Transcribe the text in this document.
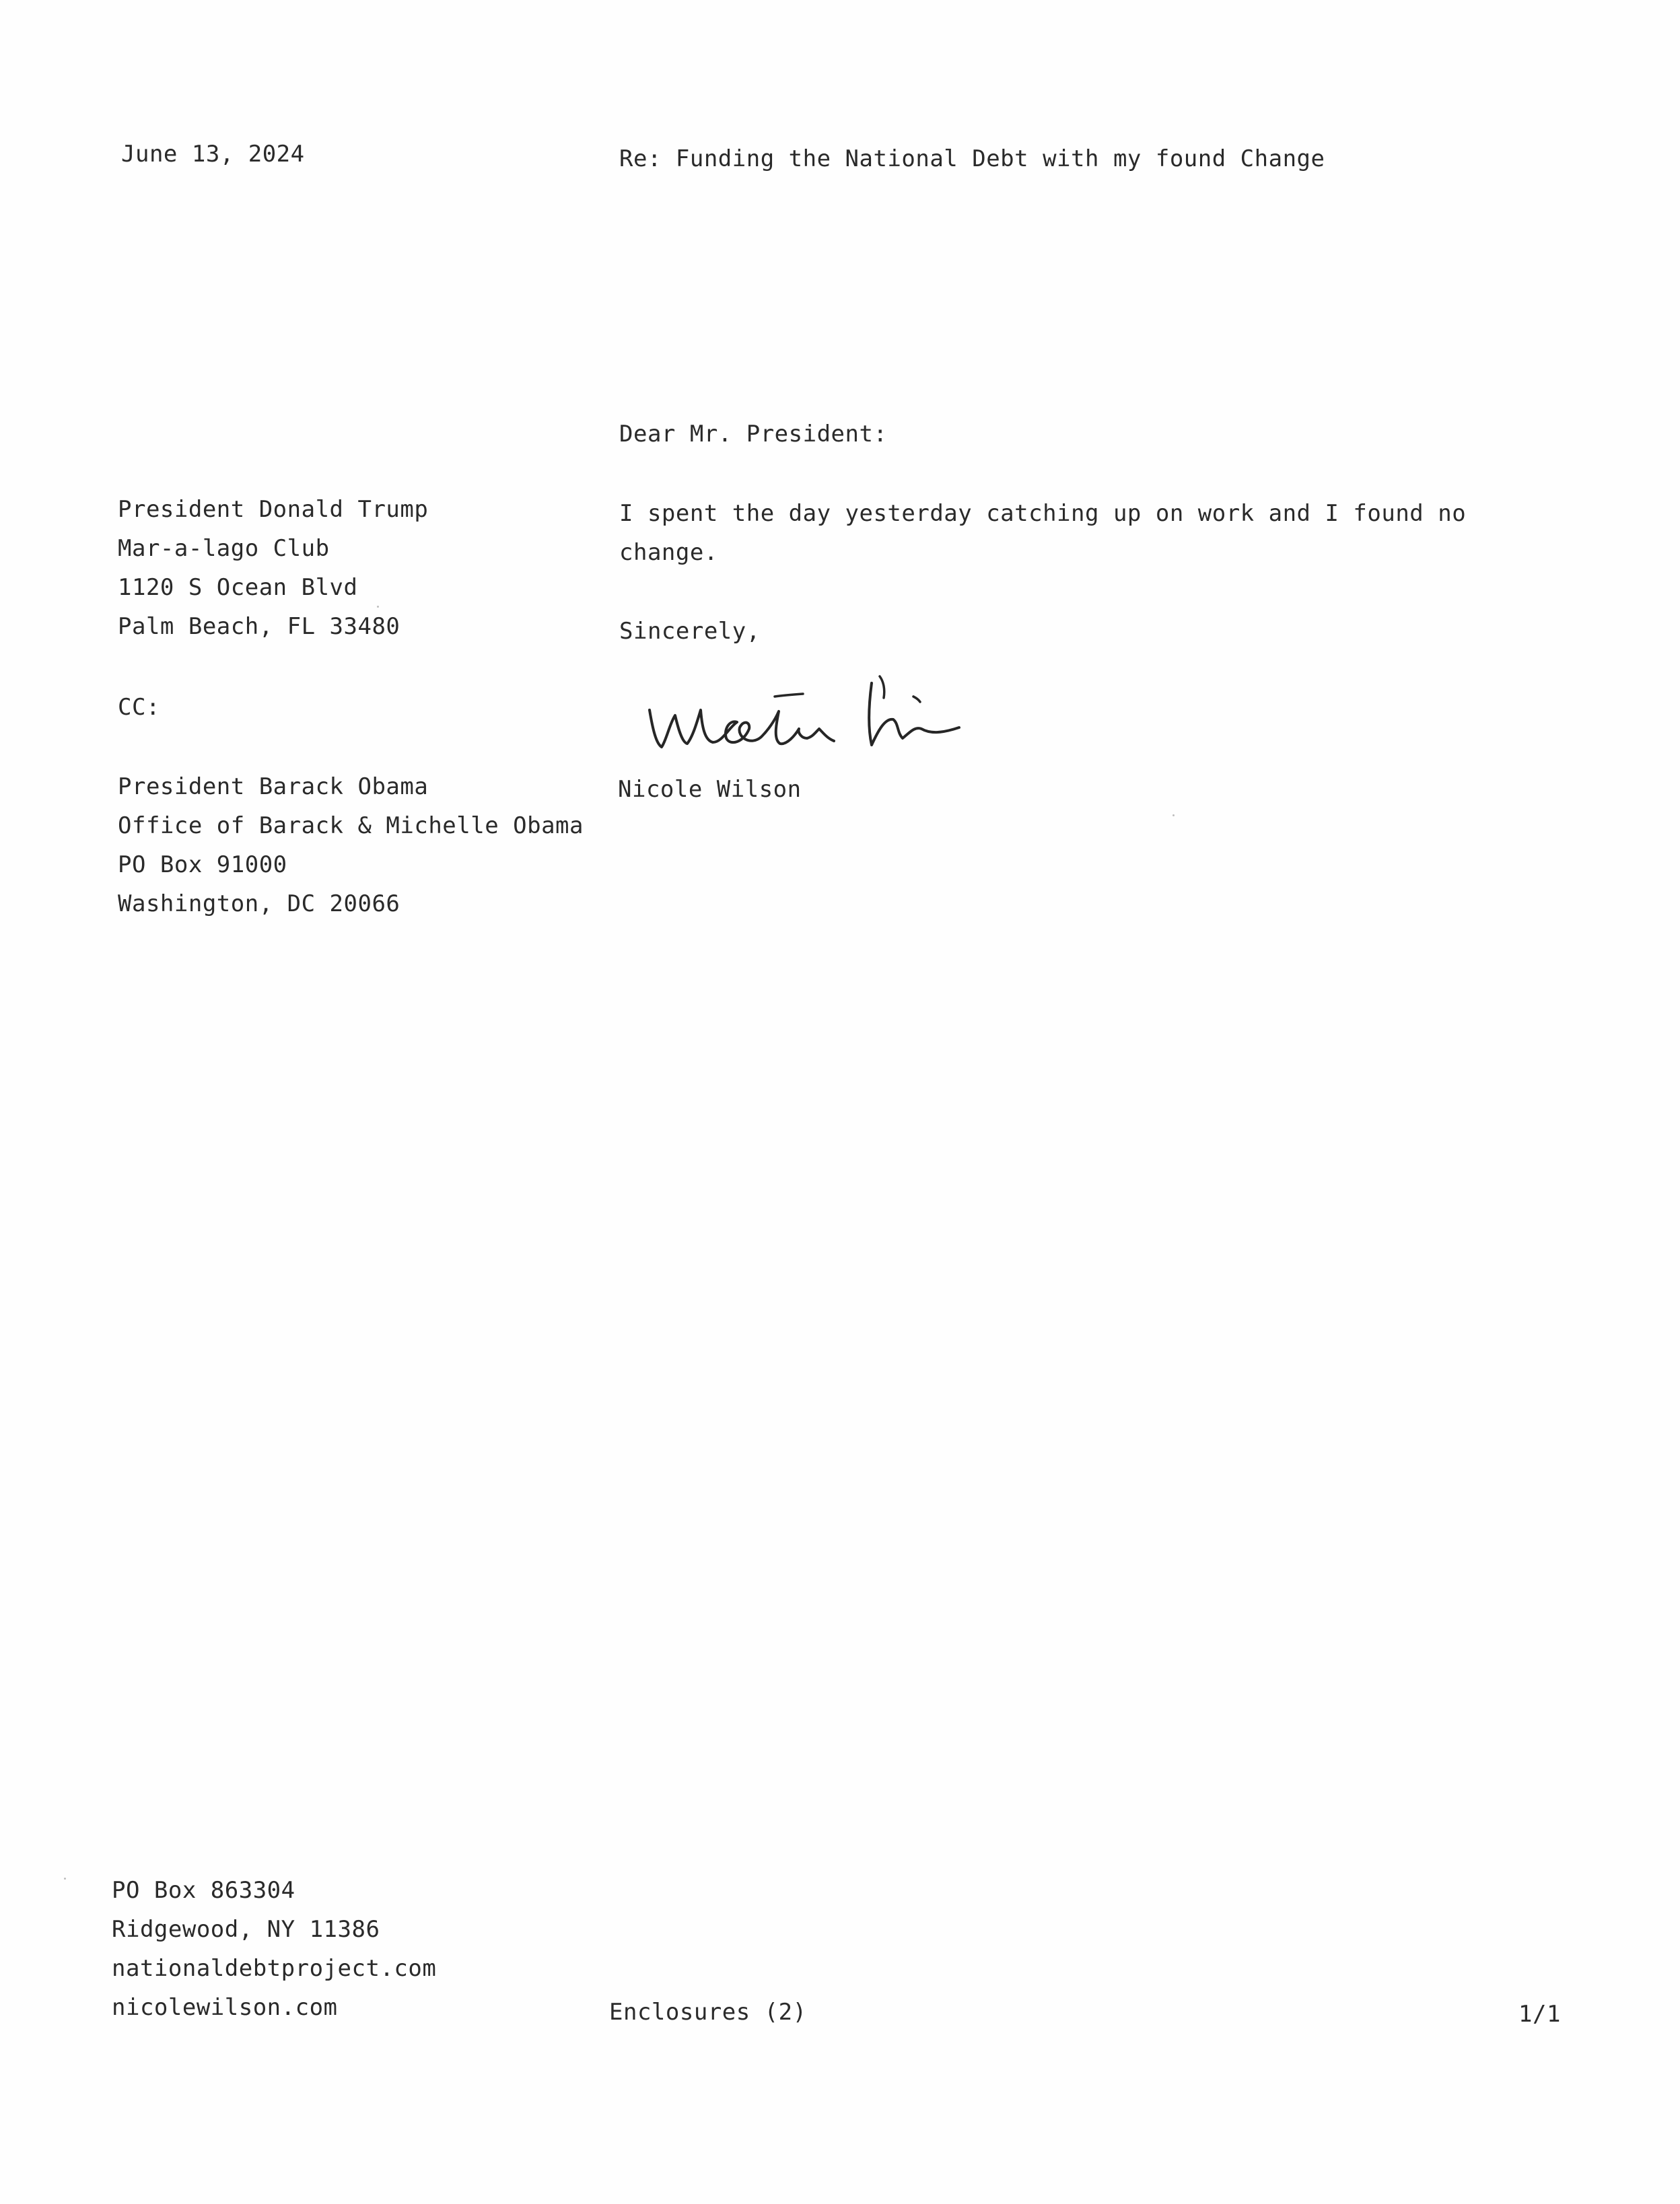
June 13, 2024	Re: Funding the National Debt with my found Change
President Donald Trump
Mar-a-lago Club
1120 S Ocean Blvd
Palm Beach, FL 33480
CC:
President Barack Obama
Office of Barack & Michelle Obama
PO Box 91000
Washington, DC 20066
Dear Mr. President:
I spent the day yesterday catching up on work and I found no change.
Sincerely,
Nicole Wilson
PO Box 863304
Ridgewood, NY 11386
nationaldebtproject.com
nicolewilson.com	Enclosures (2)	1/1
